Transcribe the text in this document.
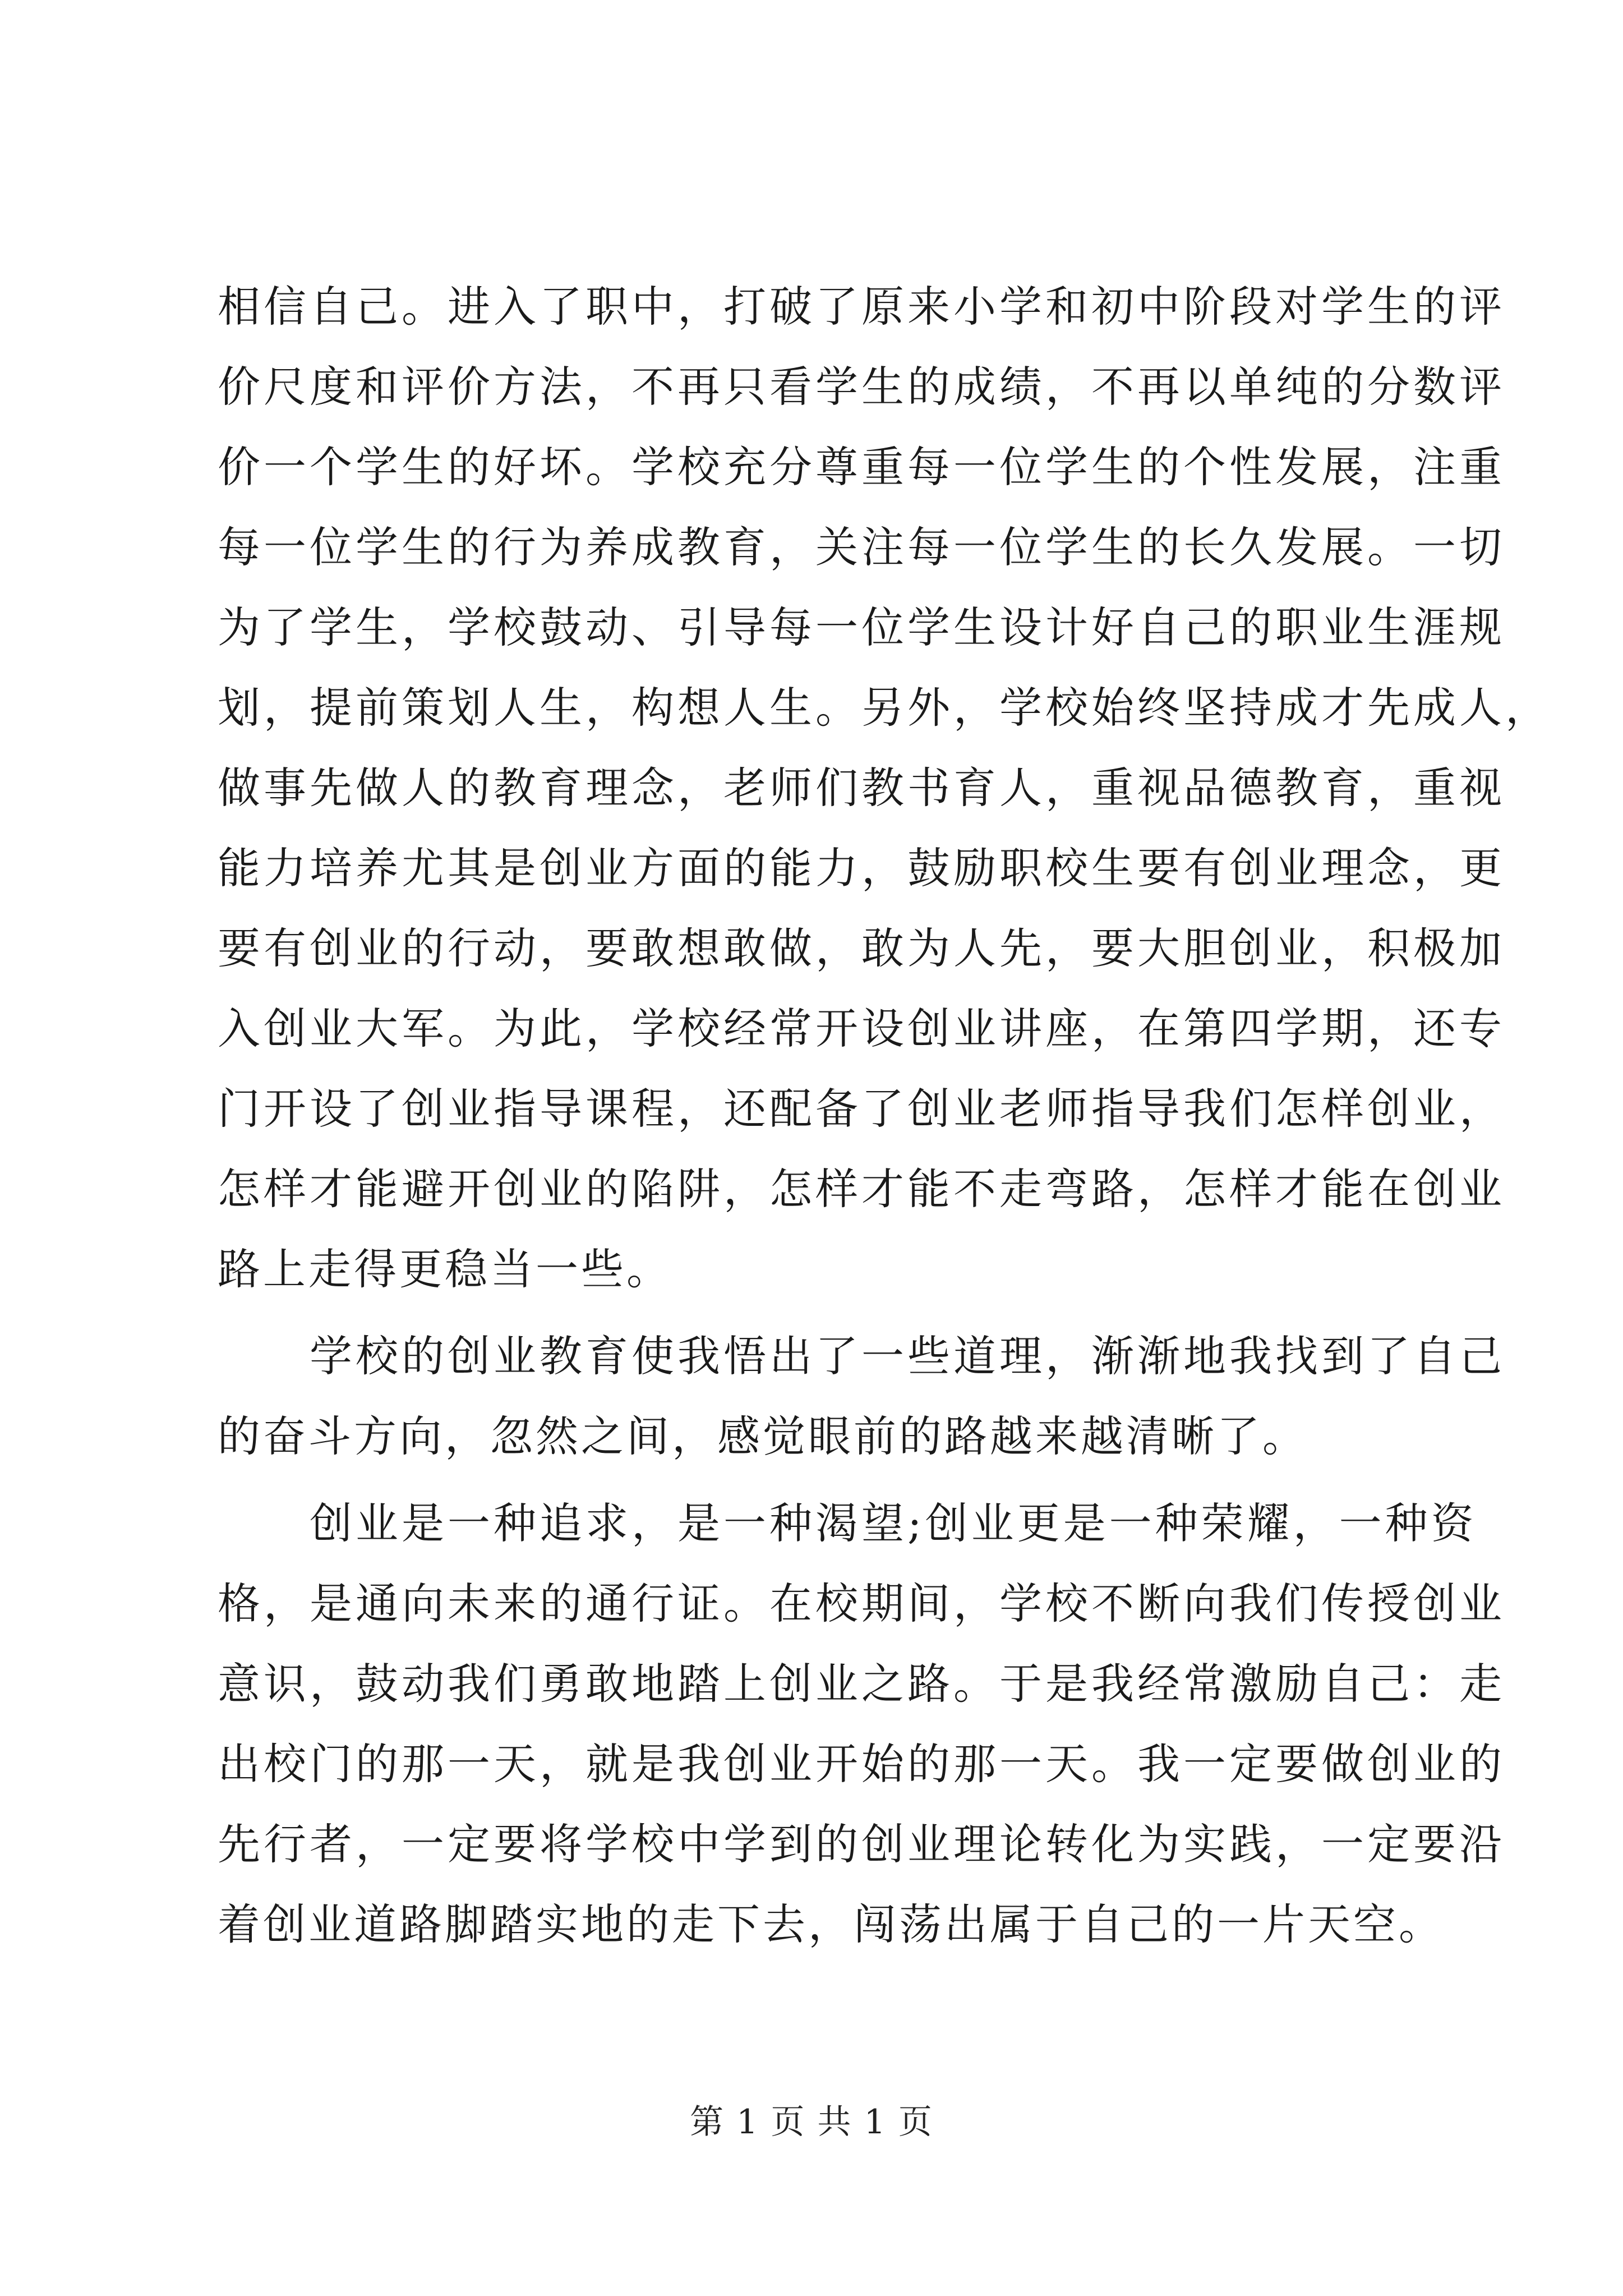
相信自己。进入了职中，打破了原来小学和初中阶段对学生的评
价尺度和评价方法，不再只看学生的成绩，不再以单纯的分数评
价一个学生的好坏。学校充分尊重每一位学生的个性发展，注重
每一位学生的行为养成教育，关注每一位学生的长久发展。一切
为了学生，学校鼓动、引导每一位学生设计好自己的职业生涯规
划，提前策划人生，构想人生。另外，学校始终坚持成才先成人，
做事先做人的教育理念，老师们教书育人，重视品德教育，重视
能力培养尤其是创业方面的能力，鼓励职校生要有创业理念，更
要有创业的行动，要敢想敢做，敢为人先，要大胆创业，积极加
入创业大军。为此，学校经常开设创业讲座，在第四学期，还专
门开设了创业指导课程，还配备了创业老师指导我们怎样创业，
怎样才能避开创业的陷阱，怎样才能不走弯路，怎样才能在创业
路上走得更稳当一些。
　　学校的创业教育使我悟出了一些道理，渐渐地我找到了自己
的奋斗方向，忽然之间，感觉眼前的路越来越清晰了。
　　创业是一种追求，是一种渴望;创业更是一种荣耀，一种资
格，是通向未来的通行证。在校期间，学校不断向我们传授创业
意识，鼓动我们勇敢地踏上创业之路。于是我经常激励自己：走
出校门的那一天，就是我创业开始的那一天。我一定要做创业的
先行者，一定要将学校中学到的创业理论转化为实践，一定要沿
着创业道路脚踏实地的走下去，闯荡出属于自己的一片天空。
第 1 页 共 1 页
